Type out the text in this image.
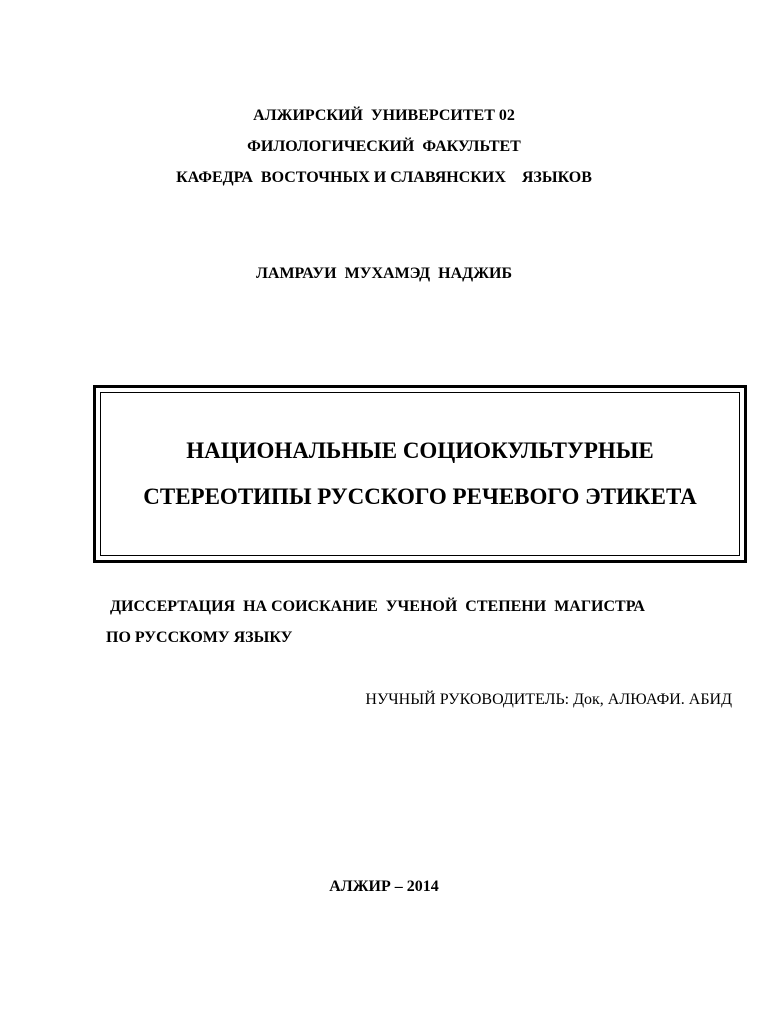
АЛЖИРСКИЙ  УНИВЕРСИТЕТ 02
ФИЛОЛОГИЧЕСКИЙ  ФАКУЛЬТЕТ
КАФЕДРА  ВОСТОЧНЫХ И СЛАВЯНСКИХ    ЯЗЫКОВ
ЛАМРАУИ  МУХАМЭД  НАДЖИБ
НАЦИОНАЛЬНЫЕ СОЦИОКУЛЬТУРНЫЕ
СТЕРЕОТИПЫ РУССКОГО РЕЧЕВОГО ЭТИКЕТА
ДИССЕРТАЦИЯ  НА СОИСКАНИЕ  УЧЕНОЙ  СТЕПЕНИ  МАГИСТРА
ПО РУССКОМУ ЯЗЫКУ
НУЧНЫЙ РУКОВОДИТЕЛЬ: Док, АЛЮАФИ. АБИД
АЛЖИР – 2014
